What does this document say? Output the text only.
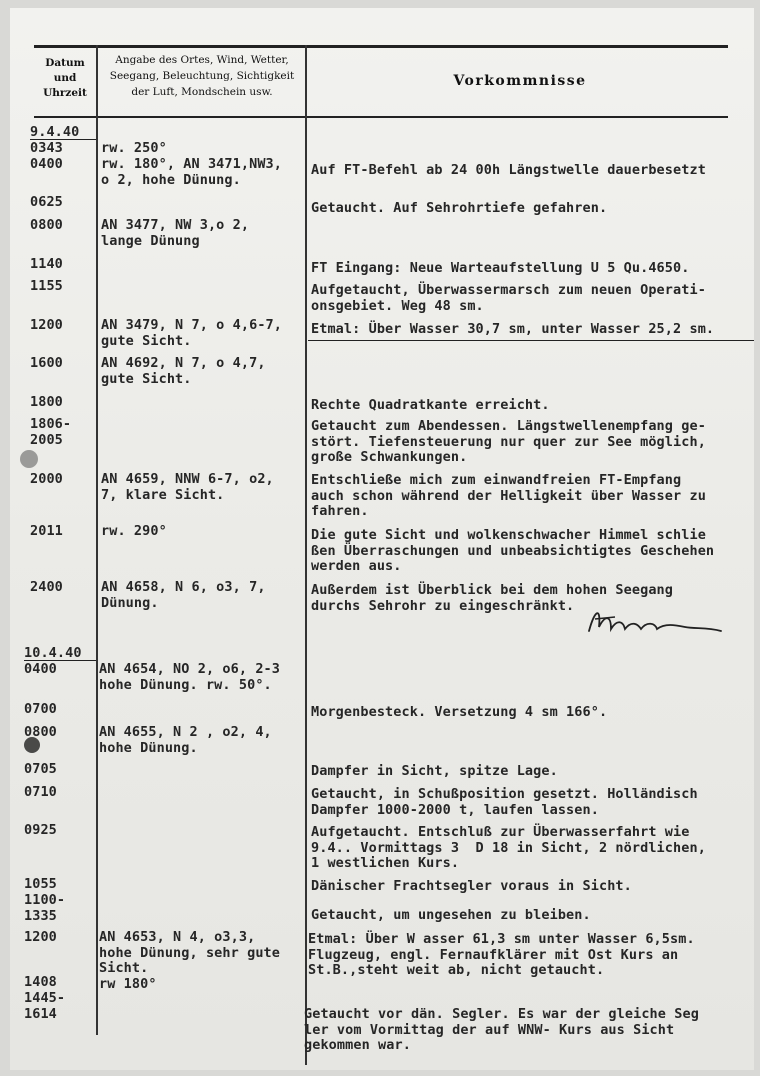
Datum und Uhrzeit
Angabe des Ortes, Wind, Wetter, Seegang, Beleuchtung, Sichtigkeit der Luft, Mondschein usw.
Vorkommnisse
9.4.40
0343
0400
0625
0800
1140
1155
1200
1600
1800
1806-
2005
2000
2011
2400
10.4.40
0400
0700
0800
0705
0710
0925
1055
1100-
1335
1200
1408
1445-
1614
rw. 250°
rw. 180°, AN 3471,NW3,
o 2, hohe Dünung.
AN 3477, NW 3,o 2,
lange Dünung
AN 3479, N 7, o 4,6-7,
gute Sicht.
AN 4692, N 7, o 4,7,
gute Sicht.
AN 4659, NNW 6-7, o2,
7, klare Sicht.
rw. 290°
AN 4658, N 6, o3, 7,
Dünung.
AN 4654, NO 2, o6, 2-3
hohe Dünung. rw. 50°.
AN 4655, N 2 , o2, 4,
hohe Dünung.
AN 4653, N 4, o3,3,
hohe Dünung, sehr gute
Sicht.
rw 180°
Auf FT-Befehl ab 24 00h Längstwelle dauerbesetzt
Getaucht. Auf Sehrohrtiefe gefahren.
FT Eingang: Neue Warteaufstellung U 5 Qu.4650.
Aufgetaucht, Überwassermarsch zum neuen Operati-
onsgebiet. Weg 48 sm.
Etmal: Über Wasser 30,7 sm, unter Wasser 25,2 sm.
Rechte Quadratkante erreicht.
Getaucht zum Abendessen. Längstwellenempfang ge-
stört. Tiefensteuerung nur quer zur See möglich,
große Schwankungen.
Entschließe mich zum einwandfreien FT-Empfang
auch schon während der Helligkeit über Wasser zu
fahren.
Die gute Sicht und wolkenschwacher Himmel schlie
ßen Überraschungen und unbeabsichtigtes Geschehen
werden aus.
Außerdem ist Überblick bei dem hohen Seegang
durchs Sehrohr zu eingeschränkt.
Morgenbesteck. Versetzung 4 sm 166°.
Dampfer in Sicht, spitze Lage.
Getaucht, in Schußposition gesetzt. Holländisch
Dampfer 1000-2000 t, laufen lassen.
Aufgetaucht. Entschluß zur Überwasserfahrt wie
9.4.. Vormittags 3  D 18 in Sicht, 2 nördlichen,
1 westlichen Kurs.
Dänischer Frachtsegler voraus in Sicht.
Getaucht, um ungesehen zu bleiben.
Etmal: Über W asser 61,3 sm unter Wasser 6,5sm.
Flugzeug, engl. Fernaufklärer mit Ost Kurs an
St.B.,steht weit ab, nicht getaucht.
Getaucht vor dän. Segler. Es war der gleiche Seg
ler vom Vormittag der auf WNW- Kurs aus Sicht
gekommen war.
